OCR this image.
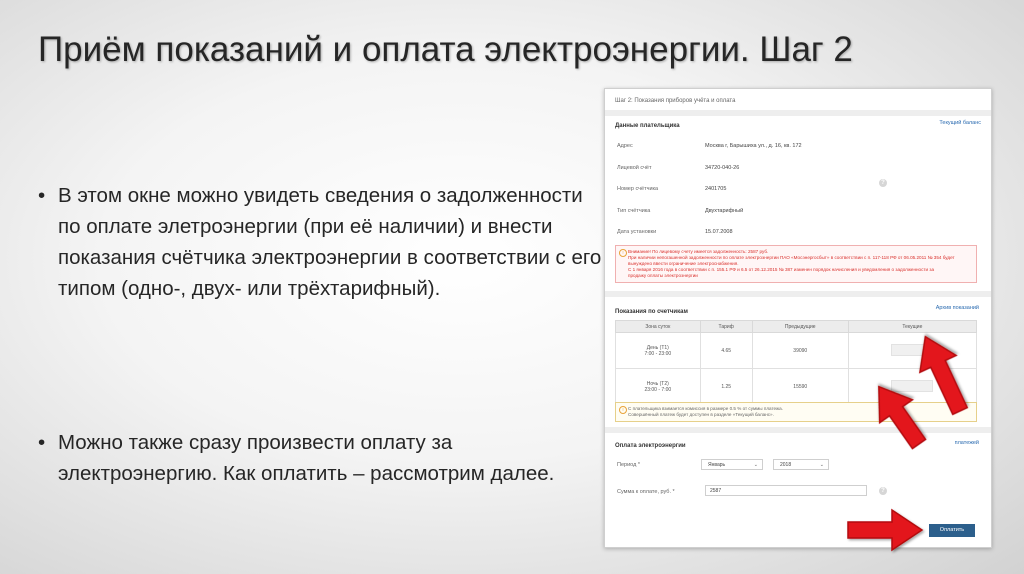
Приём показаний и оплата электроэнергии. Шаг 2
• В этом окне можно увидеть сведения о задолженности по оплате элетроэнергии (при её наличии) и внести показания счётчика электроэнергии в соответствии с его типом (одно-, двух- или трёхтарифный).
• Можно также сразу произвести оплату за электроэнергию. Как оплатить – рассмотрим далее.
Шаг 2: Показания приборов учёта и оплата
Данные плательщика	Текущий баланс
Адрес	Москва г, Барышиха ул., д. 16, кв. 172
Лицевой счёт	34720-040-26
Номер счётчика	2401705
?
Тип счётчика	Двухтарифный
Дата установки	15.07.2008
! Внимание! По лицевому счету имеется задолженность: 2587 руб.
При наличии непогашенной задолженности по оплате электроэнергии ПАО «Мосэнергосбыт» в соответствии с п. 117-118 РФ от 06.05.2011 № 354 будет
вынуждено ввести ограничение электроснабжения.
С 1 января 2016 года в соответствии с п. 155.1 РФ и 6.5 от 26.12.2015 № 387 изменен порядок начисления и уведомления о задолженности за
продажу оплаты электроэнергии
Показания по счетчикам
Архив показаний
Зона суток	Тариф	Предыдущие	Текущие

День (T1)
7:00 - 23:00	4.65	39090	

Ночь (T2)
23:00 - 7:00	1.25	15590	
! С плательщика взимается комиссия в размере 0.5 % от суммы платежа.
Совершённый платеж будет доступен в разделе «Текущий баланс».
Оплата электроэнергии	платежей
Период *	Январь	⌄	2018	⌄
Сумма к оплате, руб. *	2587	?
Оплатить
